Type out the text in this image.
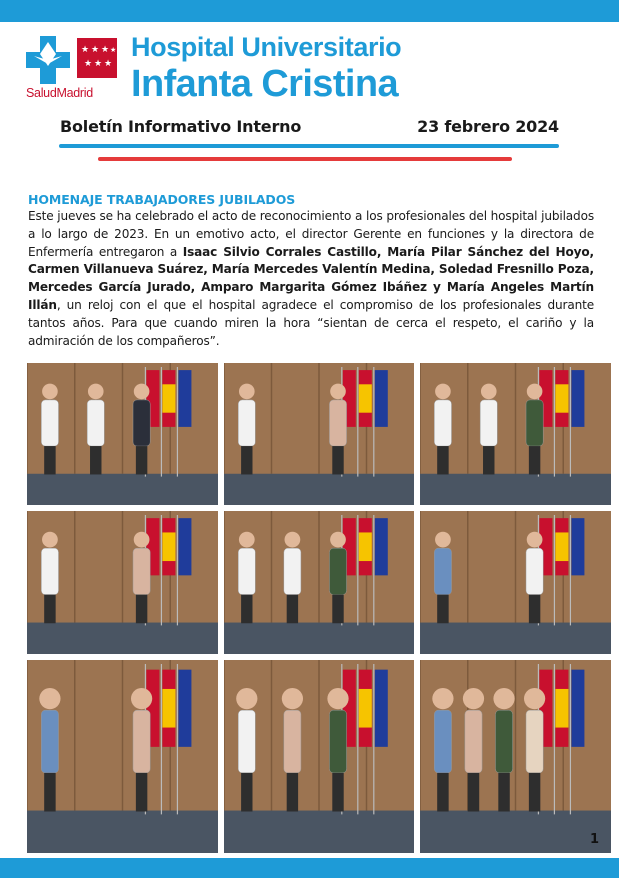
★ ★ ★ ★
★ ★ ★
SaludMadrid
Hospital Universitario
Infanta Cristina
Boletín Informativo Interno	23 febrero 2024
HOMENAJE TRABAJADORES JUBILADOS
Este jueves se ha celebrado el acto de reconocimiento a los profesionales del hospital jubilados a lo largo de 2023. En un emotivo acto, el director Gerente en funciones y la directora de Enfermería entregaron a Isaac Silvio Corrales Castillo, María Pilar Sánchez del Hoyo, Carmen Villanueva Suárez, María Mercedes Valentín Medina, Soledad Fresnillo Poza, Mercedes García Jurado, Amparo Margarita Gómez Ibáñez y María Angeles Martín Illán, un reloj con el que el hospital agradece el compromiso de los profesionales durante tantos años. Para que cuando miren la hora “sientan de cerca el respeto, el cariño y la admiración de los compañeros”.
1
